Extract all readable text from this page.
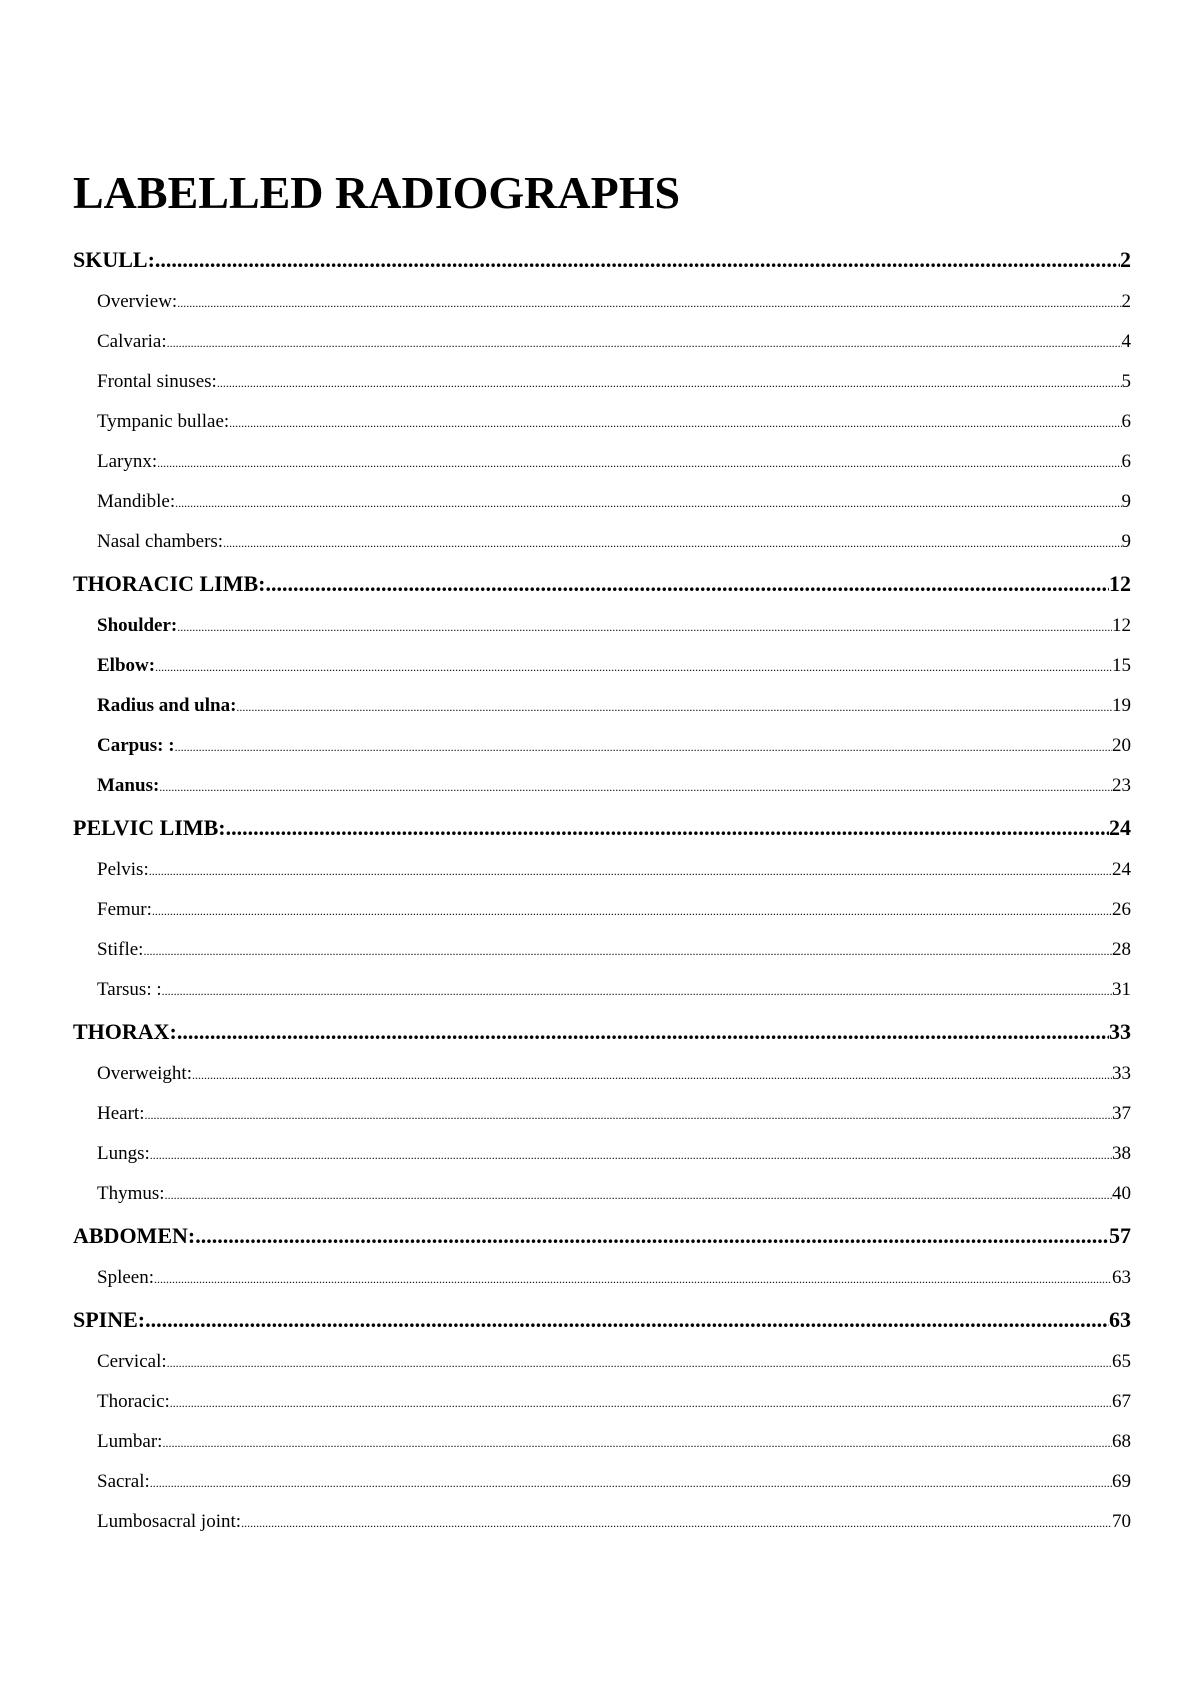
LABELLED RADIOGRAPHS
SKULL: .....	2
Overview: .....	2
Calvaria: .....	4
Frontal sinuses: .....	5
Tympanic bullae: .....	6
Larynx: .....	6
Mandible: .....	9
Nasal chambers: .....	9
THORACIC LIMB: .....	12
Shoulder: .....	12
Elbow: .....	15
Radius and ulna: .....	19
Carpus: : .....	20
Manus: .....	23
PELVIC LIMB: .....	24
Pelvis: .....	24
Femur: .....	26
Stifle: .....	28
Tarsus: : .....	31
THORAX: .....	33
Overweight: .....	33
Heart: .....	37
Lungs: .....	38
Thymus: .....	40
ABDOMEN: .....	57
Spleen: .....	63
SPINE: .....	63
Cervical: .....	65
Thoracic: .....	67
Lumbar: .....	68
Sacral: .....	69
Lumbosacral joint: .....	70
